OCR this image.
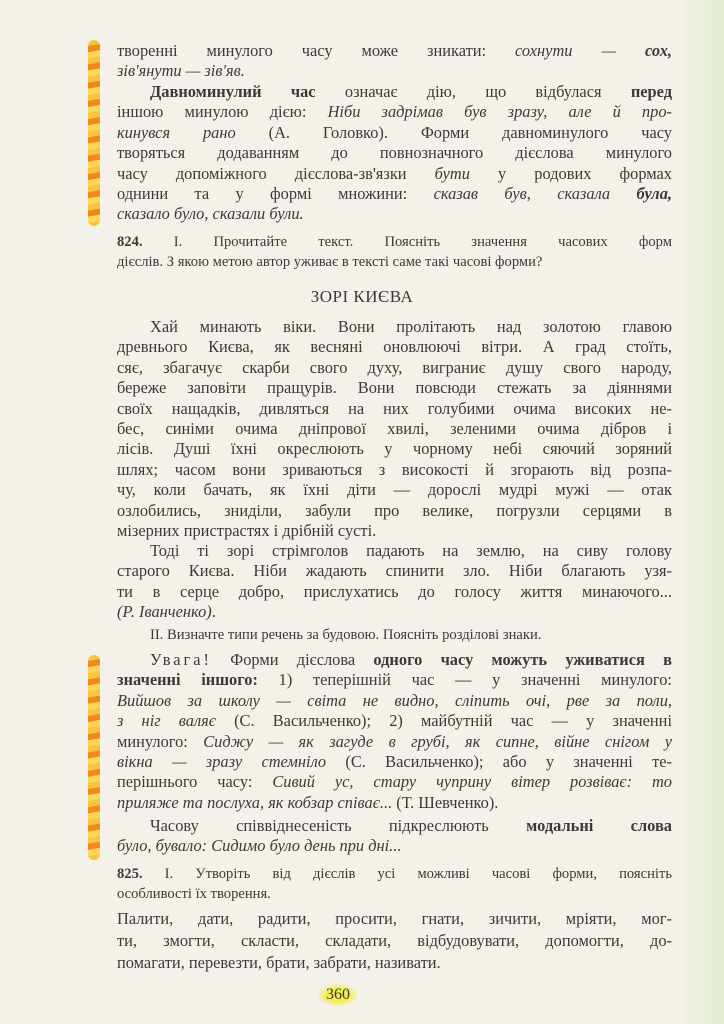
творенні минулого часу може зникати: сохнути — сох,
зів'янути — зів'яв.
Давноминулий час означає дію, що відбулася перед
іншою минулою дією: Ніби задрімав був зразу, але й про-
кинувся рано (А. Головко). Форми давноминулого часу
творяться додаванням до повнозначного дієслова минулого
часу допоміжного дієслова-зв'язки бути у родових формах
однини та у формі множини: сказав був, сказала була,
сказало було, сказали були.
824. І. Прочитайте текст. Поясніть значення часових форм
дієслів. З якою метою автор уживає в тексті саме такі часові форми?
ЗОРІ КИЄВА
Хай минають віки. Вони пролітають над золотою главою
древнього Києва, як весняні оновлюючі вітри. А град стоїть,
сяє, збагачує скарби свого духу, виграниє душу свого народу,
береже заповіти пращурів. Вони повсюди стежать за діяннями
своїх нащадків, дивляться на них голубими очима високих не-
бес, синіми очима дніпрової хвилі, зеленими очима дібров і
лісів. Душі їхні окреслюють у чорному небі сяючий зоряний
шлях; часом вони зриваються з високості й згорають від розпа-
чу, коли бачать, як їхні діти — дорослі мудрі мужі — отак
озлобились, зниділи, забули про велике, погрузли серцями в
мізерних пристрастях і дрібній сусті.
Тоді ті зорі стрімголов падають на землю, на сиву голову
старого Києва. Ніби жадають спинити зло. Ніби благають узя-
ти в серце добро, прислухатись до голосу життя минаючого...
(Р. Іванченко).
ІІ. Визначте типи речень за будовою. Поясніть розділові знаки.
Увага! Форми дієслова одного часу можуть уживатися в
значенні іншого: 1) теперішній час — у значенні минулого:
Вийшов за школу — світа не видно, сліпить очі, рве за поли,
з ніг валяє (С. Васильченко); 2) майбутній час — у значенні
минулого: Сиджу — як загуде в грубі, як сипне, війне снігом у
вікна — зразу стемніло (С. Васильченко); або у значенні те-
перішнього часу: Сивий ус, стару чуприну вітер розвіває: то
приляже та послуха, як кобзар співає... (Т. Шевченко).
Часову співвіднесеність підкреслюють модальні слова
було, бувало: Сидимо було день при дні...
825. І. Утворіть від дієслів усі можливі часові форми, поясніть
особливості їх творення.
Палити, дати, радити, просити, гнати, зичити, мріяти, мог-
ти, змогти, скласти, складати, відбудовувати, допомогти, до-
помагати, перевезти, брати, забрати, називати.
360
